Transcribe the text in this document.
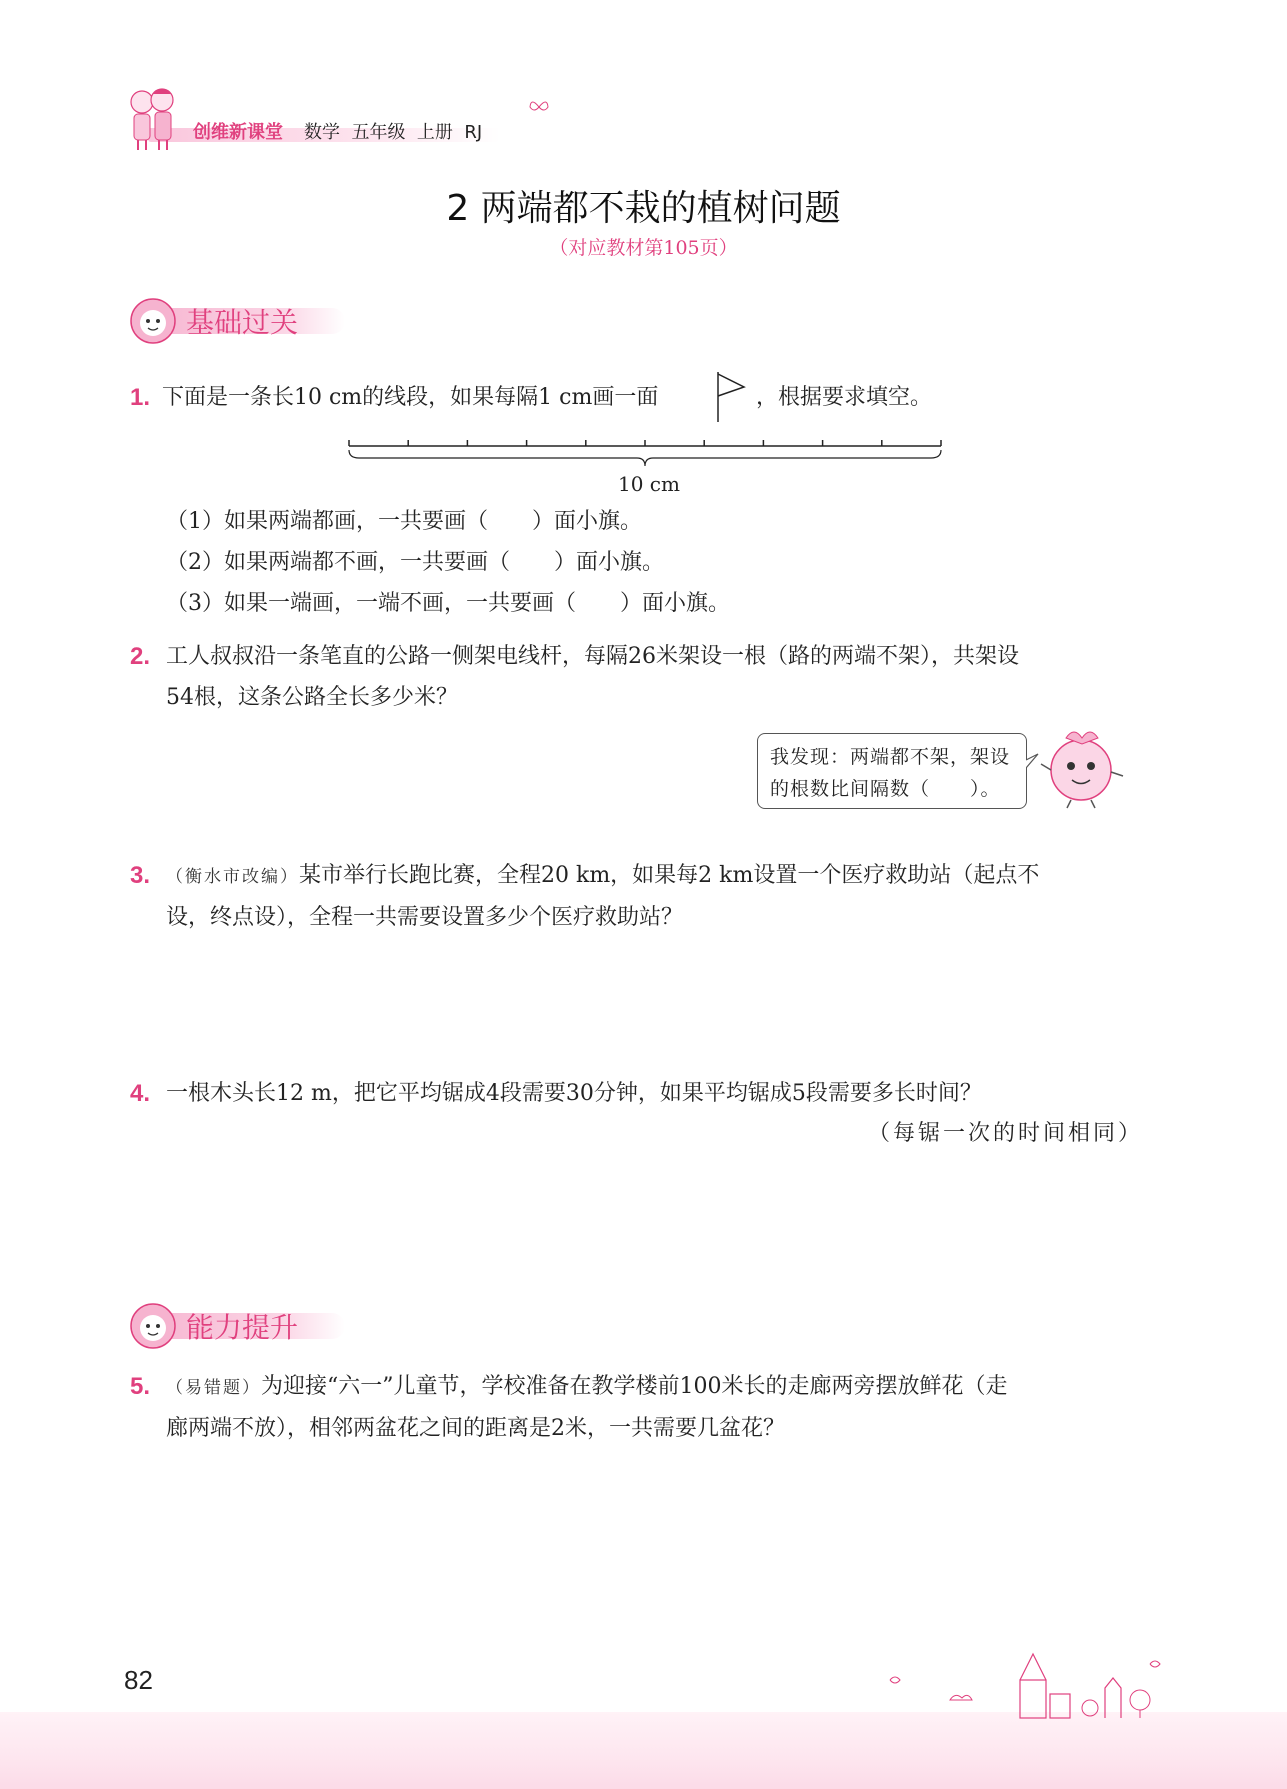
创维新课堂 数学 五年级 上册 RJ
2 两端都不栽的植树问题
（对应教材第105页）
基础过关
1. 下面是一条长10 cm的线段，如果每隔1 cm画一面	，根据要求填空。
10 cm
（1）如果两端都画，一共要画（　　）面小旗。
（2）如果两端都不画，一共要画（　　）面小旗。
（3）如果一端画，一端不画，一共要画（　　）面小旗。
2. 工人叔叔沿一条笔直的公路一侧架电线杆，每隔26米架设一根（路的两端不架），共架设
54根，这条公路全长多少米？
我发现：两端都不架，架设
的根数比间隔数（　　）。
3. （衡水市改编）某市举行长跑比赛，全程20 km，如果每2 km设置一个医疗救助站（起点不
设，终点设），全程一共需要设置多少个医疗救助站？
4. 一根木头长12 m，把它平均锯成4段需要30分钟，如果平均锯成5段需要多长时间？
（每锯一次的时间相同）
能力提升
5. （易错题）为迎接“六一”儿童节，学校准备在教学楼前100米长的走廊两旁摆放鲜花（走
廊两端不放），相邻两盆花之间的距离是2米，一共需要几盆花？
82
